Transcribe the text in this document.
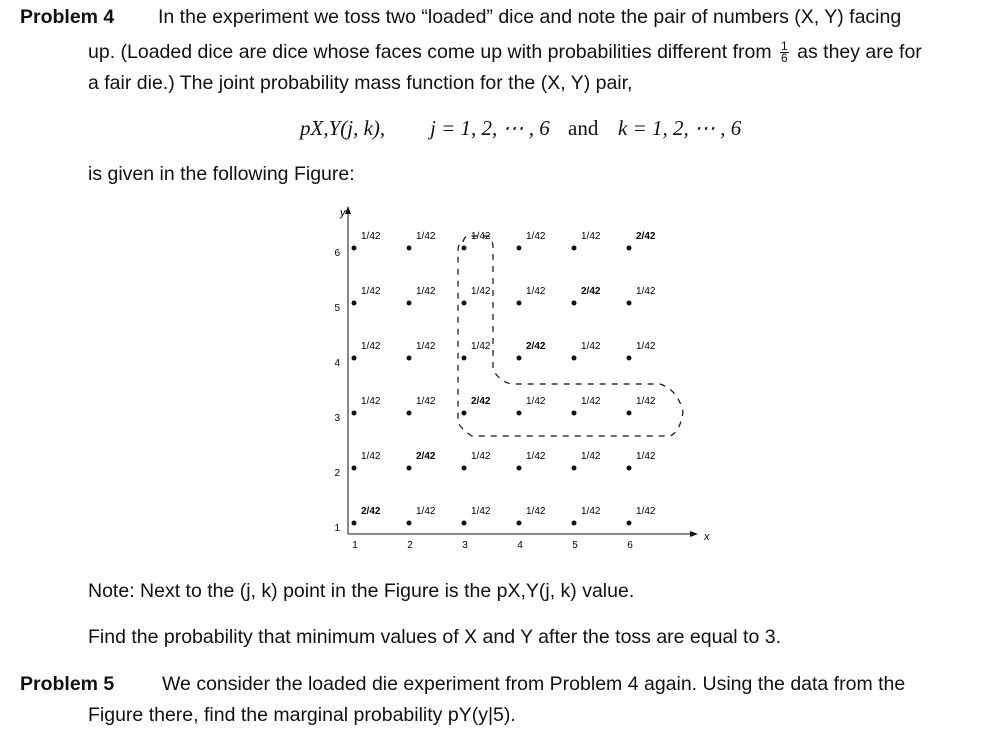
Problem 4 In the experiment we toss two “loaded” dice and note the pair of numbers (X, Y) facing
up. (Loaded dice are dice whose faces come up with probabilities different from $\frac{1}{6}$ as they are for
a fair die.) The joint probability mass function for the (X, Y) pair,
pX,Y(j, k), j = 1, 2, ⋯ , 6 and k = 1, 2, ⋯ , 6
is given in the following Figure:
y
x
1	2	3	4	5	6
1
2
3
4
5
6
2/42	1/42	1/42	1/42	1/42	1/42
1/42	2/42	1/42	1/42	1/42	1/42
1/42	1/42	2/42	1/42	1/42	1/42
1/42	1/42	1/42	2/42	1/42	1/42
1/42	1/42	1/42	1/42	2/42	1/42
1/42	1/42	1/42	1/42	1/42	2/42
Note: Next to the (j, k) point in the Figure is the pX,Y(j, k) value.
Find the probability that minimum values of X and Y after the toss are equal to 3.
Problem 5 We consider the loaded die experiment from Problem 4 again. Using the data from the
Figure there, find the marginal probability pY(y|5).
